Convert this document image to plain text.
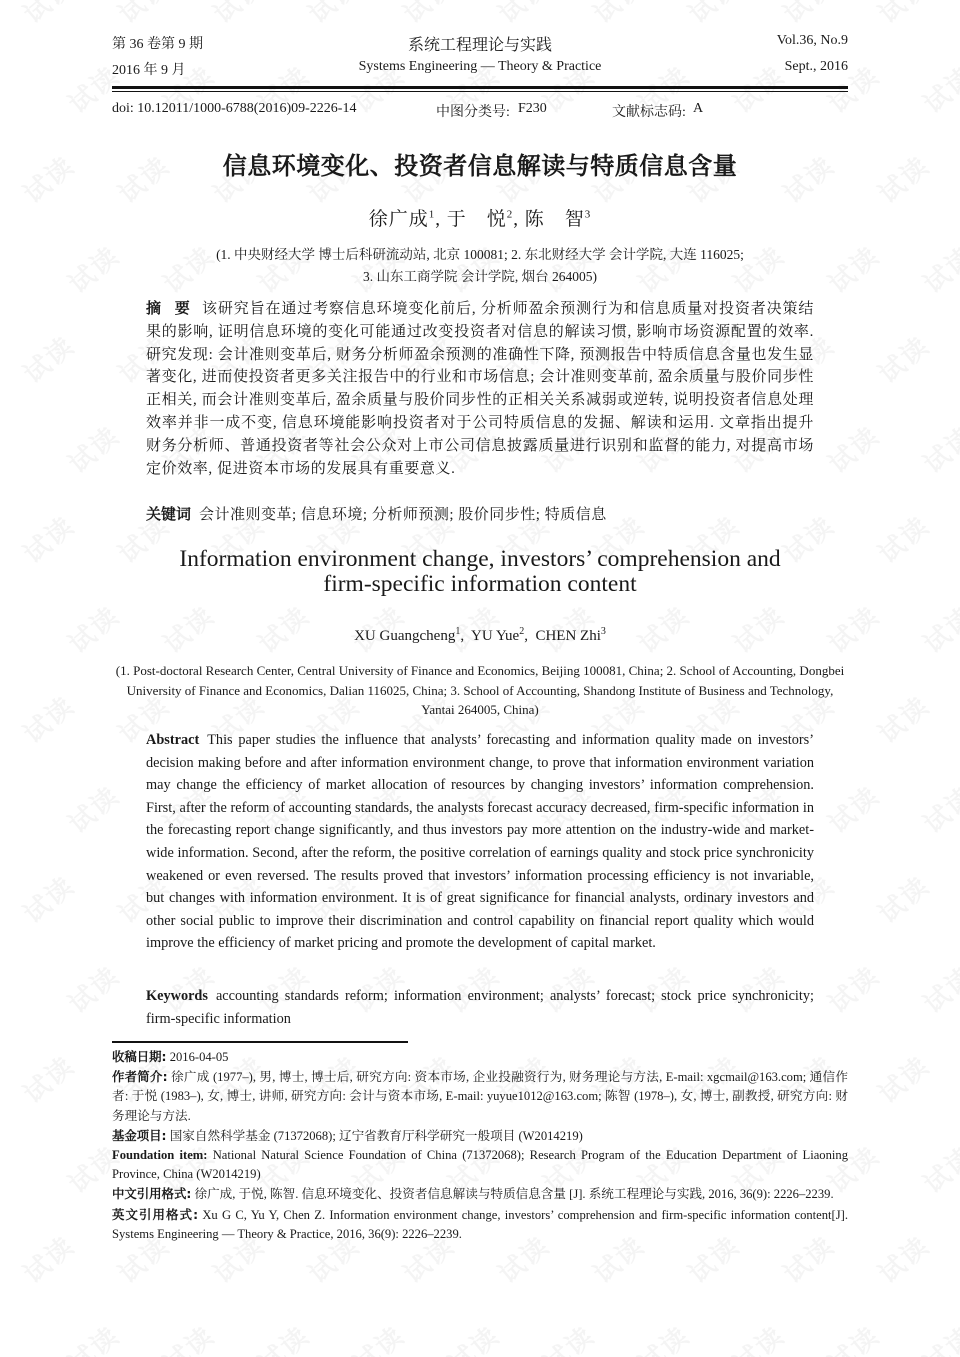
第 36 卷第 9 期	系统工程理论与实践	Vol.36, No.9
2016 年 9 月	Systems Engineering — Theory & Practice	Sept., 2016
doi: 10.12011/1000-6788(2016)09-2226-14	中图分类号: F230	文献标志码: A
信息环境变化、投资者信息解读与特质信息含量
徐广成$^1$, 于　悦$^2$, 陈　智$^3$
(1. 中央财经大学 博士后科研流动站, 北京 100081; 2. 东北财经大学 会计学院, 大连 116025;
3. 山东工商学院 会计学院, 烟台 264005)
摘 要 该研究旨在通过考察信息环境变化前后, 分析师盈余预测行为和信息质量对投资者决策结果的影响, 证明信息环境的变化可能通过改变投资者对信息的解读习惯, 影响市场资源配置的效率. 研究发现: 会计准则变革后, 财务分析师盈余预测的准确性下降, 预测报告中特质信息含量也发生显著变化, 进而使投资者更多关注报告中的行业和市场信息; 会计准则变革前, 盈余质量与股价同步性正相关, 而会计准则变革后, 盈余质量与股价同步性的正相关关系减弱或逆转, 说明投资者信息处理效率并非一成不变, 信息环境能影响投资者对于公司特质信息的发掘、解读和运用. 文章指出提升财务分析师、普通投资者等社会公众对上市公司信息披露质量进行识别和监督的能力, 对提高市场定价效率, 促进资本市场的发展具有重要意义.
关键词 会计准则变革; 信息环境; 分析师预测; 股价同步性; 特质信息
Information environment change, investors’ comprehension and
firm-specific information content
XU Guangcheng$^1$,  YU Yue$^2$,  CHEN Zhi$^3$
(1. Post-doctoral Research Center, Central University of Finance and Economics, Beijing 100081, China; 2. School of Accounting, Dongbei University of Finance and Economics, Dalian 116025, China; 3. School of Accounting, Shandong Institute of Business and Technology, Yantai 264005, China)
Abstract This paper studies the influence that analysts’ forecasting and information quality made on investors’ decision making before and after information environment change, to prove that information environment variation may change the efficiency of market allocation of resources by changing investors’ information comprehension. First, after the reform of accounting standards, the analysts forecast accuracy decreased, firm-specific information in the forecasting report change significantly, and thus investors pay more attention on the industry-wide and market-wide information. Second, after the reform, the positive correlation of earnings quality and stock price synchronicity weakened or even reversed. The results proved that investors’ information processing efficiency is not invariable, but changes with information environment. It is of great significance for financial analysts, ordinary investors and other social public to improve their discrimination and control capability on financial report quality which would improve the efficiency of market pricing and promote the development of capital market.
Keywords accounting standards reform; information environment; analysts’ forecast; stock price synchronicity; firm-specific information

收稿日期: 2016-04-05

作者简介: 徐广成 (1977–), 男, 博士, 博士后, 研究方向: 资本市场, 企业投融资行为, 财务理论与方法, E-mail: xgcmail@163.com; 通信作者: 于悦 (1983–), 女, 博士, 讲师, 研究方向: 会计与资本市场, E-mail: yuyue1012@163.com; 陈智 (1978–), 女, 博士, 副教授, 研究方向: 财务理论与方法.

基金项目: 国家自然科学基金 (71372068); 辽宁省教育厅科学研究一般项目 (W2014219)

Foundation item: National Natural Science Foundation of China (71372068); Research Program of the Education Department of Liaoning Province, China (W2014219)

中文引用格式: 徐广成, 于悦, 陈智. 信息环境变化、投资者信息解读与特质信息含量 [J]. 系统工程理论与实践, 2016, 36(9): 2226–2239.

英文引用格式: Xu G C, Yu Y, Chen Z. Information environment change, investors’ comprehension and firm-specific information content[J]. Systems Engineering — Theory & Practice, 2016, 36(9): 2226–2239.
